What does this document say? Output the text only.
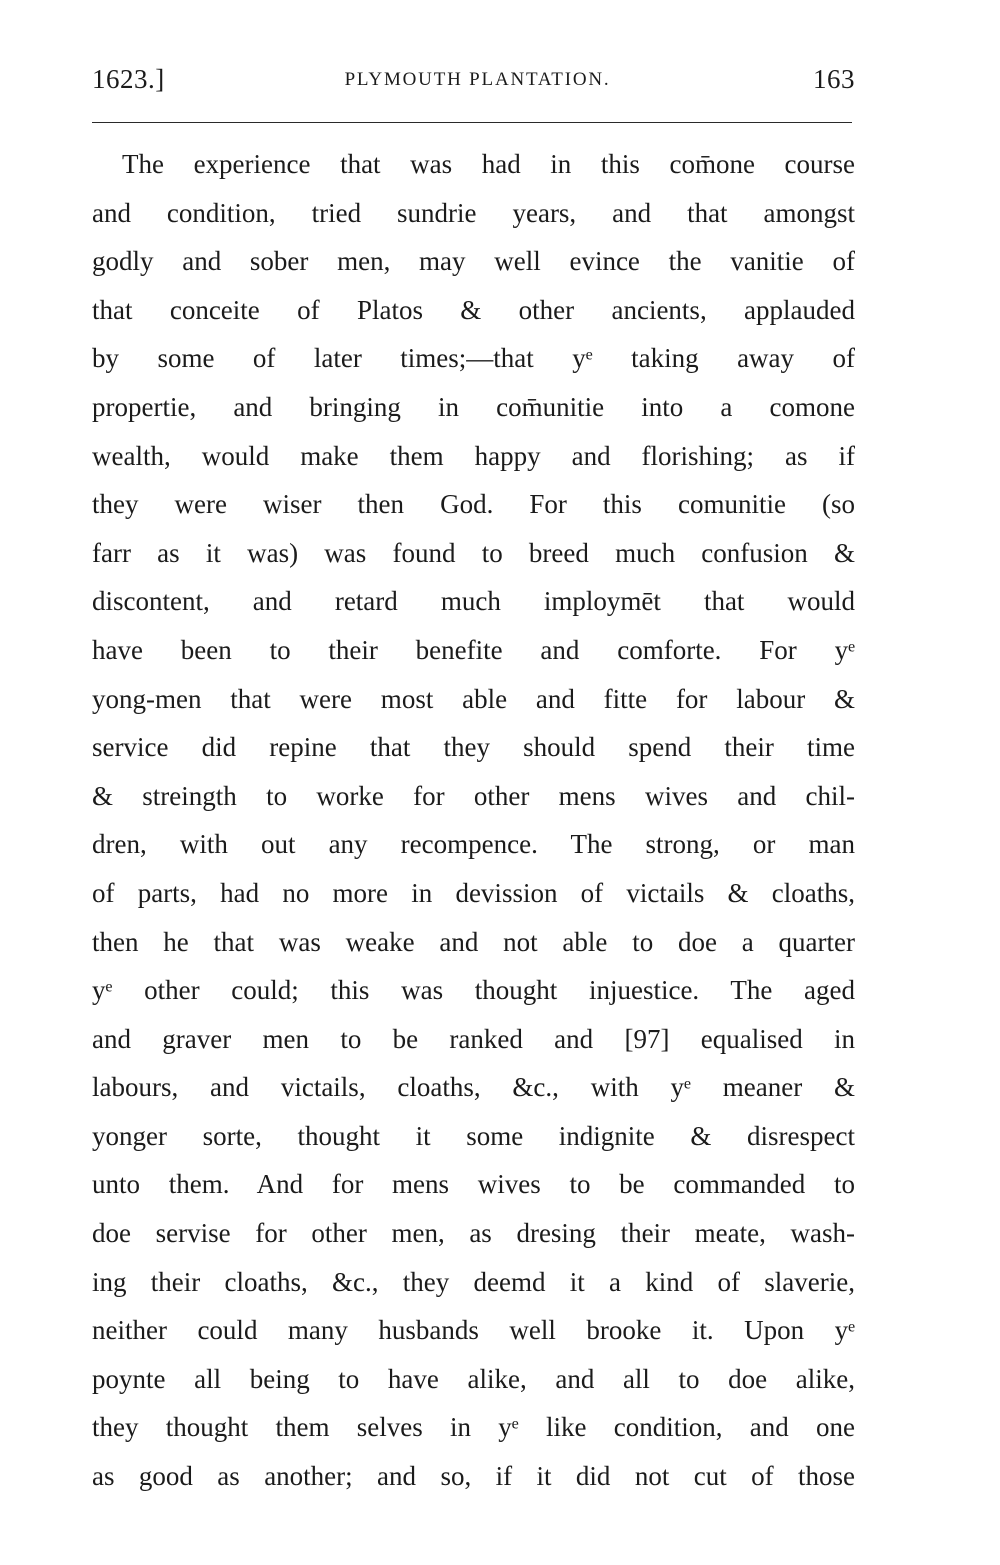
1623.]	PLYMOUTH PLANTATION.	163
The experience that was had in this com̄one course
and condition, tried sundrie years, and that amongst
godly and sober men, may well evince the vanitie of
that conceite of Platos & other ancients, applauded
by some of later times;—that yᵉ taking away of
propertie, and bringing in com̄unitie into a comone
wealth, would make them happy and florishing; as if
they were wiser then God. For this comunitie (so
farr as it was) was found to breed much confusion &
discontent, and retard much imploymēt that would
have been to their benefite and comforte. For yᵉ
yong-men that were most able and fitte for labour &
service did repine that they should spend their time
& streingth to worke for other mens wives and chil-
dren, with out any recompence. The strong, or man
of parts, had no more in devission of victails & cloaths,
then he that was weake and not able to doe a quarter
yᵉ other could; this was thought injuestice. The aged
and graver men to be ranked and [97] equalised in
labours, and victails, cloaths, &c., with yᵉ meaner &
yonger sorte, thought it some indignite & disrespect
unto them. And for mens wives to be commanded to
doe servise for other men, as dresing their meate, wash-
ing their cloaths, &c., they deemd it a kind of slaverie,
neither could many husbands well brooke it. Upon yᵉ
poynte all being to have alike, and all to doe alike,
they thought them selves in yᵉ like condition, and one
as good as another; and so, if it did not cut of those
